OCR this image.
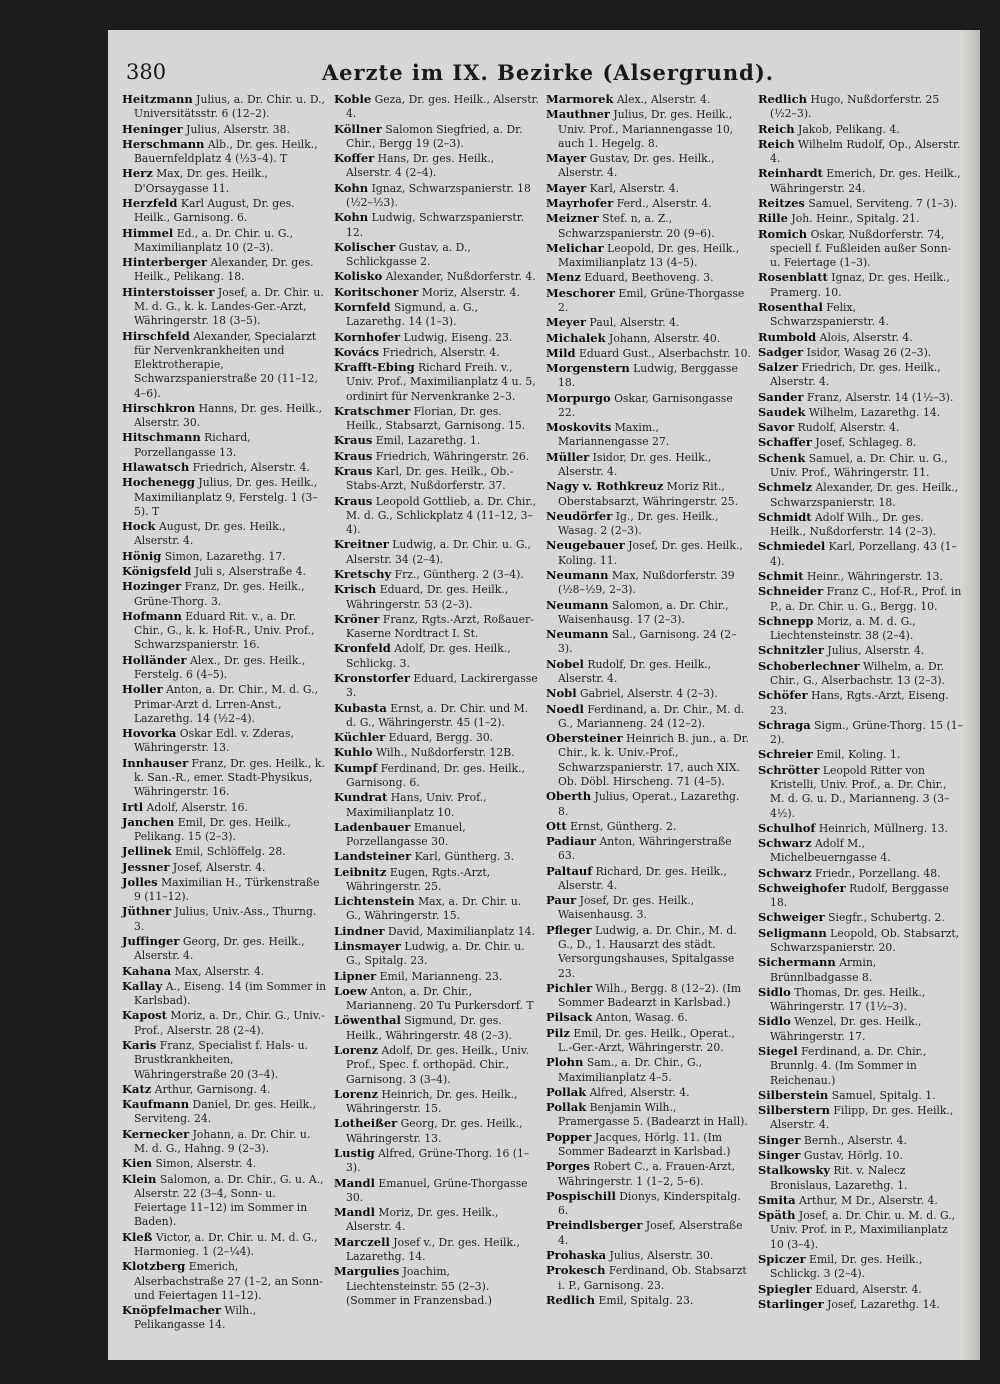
380	Aerzte im IX. Bezirke (Alsergrund).
Heitzmann Julius, a. Dr. Chir. u. D., Universitätsstr. 6 (12–2).
Heninger Julius, Alserstr. 38.
Herschmann Alb., Dr. ges. Heilk., Bauernfeldplatz 4 (½3–4). T
Herz Max, Dr. ges. Heilk., D'Orsaygasse 11.
Herzfeld Karl August, Dr. ges. Heilk., Garnisong. 6.
Himmel Ed., a. Dr. Chir. u. G., Maximilianplatz 10 (2–3).
Hinterberger Alexander, Dr. ges. Heilk., Pelikang. 18.
Hinterstoisser Josef, a. Dr. Chir. u. M. d. G., k. k. Landes-Ger.-Arzt, Währingerstr. 18 (3–5).
Hirschfeld Alexander, Specialarzt für Nervenkrankheiten und Elektrotherapie, Schwarzspanierstraße 20 (11–12, 4–6).
Hirschkron Hanns, Dr. ges. Heilk., Alserstr. 30.
Hitschmann Richard, Porzellangasse 13.
Hlawatsch Friedrich, Alserstr. 4.
Hochenegg Julius, Dr. ges. Heilk., Maximilianplatz 9, Ferstelg. 1 (3–5). T
Hock August, Dr. ges. Heilk., Alserstr. 4.
Hönig Simon, Lazarethg. 17.
Königsfeld Juli s, Alserstraße 4.
Hozinger Franz, Dr. ges. Heilk., Grüne-Thorg. 3.
Hofmann Eduard Rit. v., a. Dr. Chir., G., k. k. Hof-R., Univ. Prof., Schwarzspanierstr. 16.
Holländer Alex., Dr. ges. Heilk., Ferstelg. 6 (4–5).
Holler Anton, a. Dr. Chir., M. d. G., Primar-Arzt d. Lrren-Anst., Lazarethg. 14 (½2–4).
Hovorka Oskar Edl. v. Zderas, Währingerstr. 13.
Innhauser Franz, Dr. ges. Heilk., k. k. San.-R., emer. Stadt-Physikus, Währingerstr. 16.
Irtl Adolf, Alserstr. 16.
Janchen Emil, Dr. ges. Heilk., Pelikang. 15 (2–3).
Jellinek Emil, Schlöffelg. 28.
Jessner Josef, Alserstr. 4.
Jolles Maximilian H., Türkenstraße 9 (11–12).
Jüthner Julius, Univ.-Ass., Thurng. 3.
Juffinger Georg, Dr. ges. Heilk., Alserstr. 4.
Kahana Max, Alserstr. 4.
Kallay A., Eiseng. 14 (im Sommer in Karlsbad).
Kapost Moriz, a. Dr., Chir. G., Univ.-Prof., Alserstr. 28 (2–4).
Karis Franz, Specialist f. Hals- u. Brustkrankheiten, Währingerstraße 20 (3–4).
Katz Arthur, Garnisong. 4.
Kaufmann Daniel, Dr. ges. Heilk., Serviteng. 24.
Kernecker Johann, a. Dr. Chir. u. M. d. G., Hahng. 9 (2–3).
Kien Simon, Alserstr. 4.
Klein Salomon, a. Dr. Chir., G. u. A., Alserstr. 22 (3–4, Sonn- u. Feiertage 11–12) im Sommer in Baden).
Kleß Victor, a. Dr. Chir. u. M. d. G., Harmonieg. 1 (2–¼4).
Klotzberg Emerich, Alserbachstraße 27 (1–2, an Sonn- und Feiertagen 11–12).
Knöpfelmacher Wilh., Pelikangasse 14.
Koble Geza, Dr. ges. Heilk., Alserstr. 4.
Köllner Salomon Siegfried, a. Dr. Chir., Bergg 19 (2–3).
Koffer Hans, Dr. ges. Heilk., Alserstr. 4 (2–4).
Kohn Ignaz, Schwarzspanierstr. 18 (½2–½3).
Kohn Ludwig, Schwarzspanierstr. 12.
Kolischer Gustav, a. D., Schlickgasse 2.
Kolisko Alexander, Nußdorferstr. 4.
Koritschoner Moriz, Alserstr. 4.
Kornfeld Sigmund, a. G., Lazarethg. 14 (1–3).
Kornhofer Ludwig, Eiseng. 23.
Kovács Friedrich, Alserstr. 4.
Krafft-Ebing Richard Freih. v., Univ. Prof., Maximilianplatz 4 u. 5, ordinirt für Nervenkranke 2–3.
Kratschmer Florian, Dr. ges. Heilk., Stabsarzt, Garnisong. 15.
Kraus Emil, Lazarethg. 1.
Kraus Friedrich, Währingerstr. 26.
Kraus Karl, Dr. ges. Heilk., Ob.-Stabs-Arzt, Nußdorferstr. 37.
Kraus Leopold Gottlieb, a. Dr. Chir., M. d. G., Schlickplatz 4 (11–12, 3–4).
Kreitner Ludwig, a. Dr. Chir. u. G., Alserstr. 34 (2–4).
Kretschy Frz., Güntherg. 2 (3–4).
Krisch Eduard, Dr. ges. Heilk., Währingerstr. 53 (2–3).
Kröner Franz, Rgts.-Arzt, Roßauer-Kaserne Nordtract I. St.
Kronfeld Adolf, Dr. ges. Heilk., Schlickg. 3.
Kronstorfer Eduard, Lackirergasse 3.
Kubasta Ernst, a. Dr. Chir. und M. d. G., Währingerstr. 45 (1–2).
Küchler Eduard, Bergg. 30.
Kuhlo Wilh., Nußdorferstr. 12B.
Kumpf Ferdinand, Dr. ges. Heilk., Garnisong. 6.
Kundrat Hans, Univ. Prof., Maximilianplatz 10.
Ladenbauer Emanuel, Porzellangasse 30.
Landsteiner Karl, Güntherg. 3.
Leibnitz Eugen, Rgts.-Arzt, Währingerstr. 25.
Lichtenstein Max, a. Dr. Chir. u. G., Währingerstr. 15.
Lindner David, Maximilianplatz 14.
Linsmayer Ludwig, a. Dr. Chir. u. G., Spitalg. 23.
Lipner Emil, Marianneng. 23.
Loew Anton, a. Dr. Chir., Marianneng. 20 Tu Purkersdorf. T
Löwenthal Sigmund, Dr. ges. Heilk., Währingerstr. 48 (2–3).
Lorenz Adolf, Dr. ges. Heilk., Univ. Prof., Spec. f. orthopäd. Chir., Garnisong. 3 (3–4).
Lorenz Heinrich, Dr. ges. Heilk., Währingerstr. 15.
Lotheißer Georg, Dr. ges. Heilk., Währingerstr. 13.
Lustig Alfred, Grüne-Thorg. 16 (1–3).
Mandl Emanuel, Grüne-Thorgasse 30.
Mandl Moriz, Dr. ges. Heilk., Alserstr. 4.
Marczell Josef v., Dr. ges. Heilk., Lazarethg. 14.
Margulies Joachim, Liechtensteinstr. 55 (2–3). (Sommer in Franzensbad.)
Marmorek Alex., Alserstr. 4.
Mauthner Julius, Dr. ges. Heilk., Univ. Prof., Mariannengasse 10, auch 1. Hegelg. 8.
Mayer Gustav, Dr. ges. Heilk., Alserstr. 4.
Mayer Karl, Alserstr. 4.
Mayrhofer Ferd., Alserstr. 4.
Meizner Stef. n, a. Z., Schwarzspanierstr. 20 (9–6).
Melichar Leopold, Dr. ges. Heilk., Maximilianplatz 13 (4–5).
Menz Eduard, Beethoveng. 3.
Meschorer Emil, Grüne-Thorgasse 2.
Meyer Paul, Alserstr. 4.
Michalek Johann, Alserstr. 40.
Mild Eduard Gust., Alserbachstr. 10.
Morgenstern Ludwig, Berggasse 18.
Morpurgo Oskar, Garnisongasse 22.
Moskovits Maxim., Mariannengasse 27.
Müller Isidor, Dr. ges. Heilk., Alserstr. 4.
Nagy v. Rothkreuz Moriz Rit., Oberstabsarzt, Währingerstr. 25.
Neudörfer Ig., Dr. ges. Heilk., Wasag. 2 (2–3).
Neugebauer Josef, Dr. ges. Heilk., Koling. 11.
Neumann Max, Nußdorferstr. 39 (½8–½9, 2–3).
Neumann Salomon, a. Dr. Chir., Waisenhausg. 17 (2–3).
Neumann Sal., Garnisong. 24 (2–3).
Nobel Rudolf, Dr. ges. Heilk., Alserstr. 4.
Nobl Gabriel, Alserstr. 4 (2–3).
Noedl Ferdinand, a. Dr. Chir., M. d. G., Marianneng. 24 (12–2).
Obersteiner Heinrich B. jun., a. Dr. Chir., k. k. Univ.-Prof., Schwarzspanierstr. 17, auch XIX. Ob. Döbl. Hirscheng. 71 (4–5).
Oberth Julius, Operat., Lazarethg. 8.
Ott Ernst, Güntherg. 2.
Padiaur Anton, Währingerstraße 63.
Paltauf Richard, Dr. ges. Heilk., Alserstr. 4.
Paur Josef, Dr. ges. Heilk., Waisenhausg. 3.
Pfleger Ludwig, a. Dr. Chir., M. d. G., D., 1. Hausarzt des städt. Versorgungshauses, Spitalgasse 23.
Pichler Wilh., Bergg. 8 (12–2). (Im Sommer Badearzt in Karlsbad.)
Pilsack Anton, Wasag. 6.
Pilz Emil, Dr. ges. Heilk., Operat., L.-Ger.-Arzt, Währingerstr. 20.
Plohn Sam., a. Dr. Chir., G., Maximilianplatz 4–5.
Pollak Alfred, Alserstr. 4.
Pollak Benjamin Wilh., Pramergasse 5. (Badearzt in Hall).
Popper Jacques, Hörlg. 11. (Im Sommer Badearzt in Karlsbad.)
Porges Robert C., a. Frauen-Arzt, Währingerstr. 1 (1–2, 5–6).
Pospischill Dionys, Kinderspitalg. 6.
Preindlsberger Josef, Alserstraße 4.
Prohaska Julius, Alserstr. 30.
Prokesch Ferdinand, Ob. Stabsarzt i. P., Garnisong. 23.
Redlich Emil, Spitalg. 23.
Redlich Hugo, Nußdorferstr. 25 (½2–3).
Reich Jakob, Pelikang. 4.
Reich Wilhelm Rudolf, Op., Alserstr. 4.
Reinhardt Emerich, Dr. ges. Heilk., Währingerstr. 24.
Reitzes Samuel, Serviteng. 7 (1–3).
Rille Joh. Heinr., Spitalg. 21.
Romich Oskar, Nußdorferstr. 74, speciell f. Fußleiden außer Sonn- u. Feiertage (1–3).
Rosenblatt Ignaz, Dr. ges. Heilk., Pramerg. 10.
Rosenthal Felix, Schwarzspanierstr. 4.
Rumbold Alois, Alserstr. 4.
Sadger Isidor, Wasag 26 (2–3).
Salzer Friedrich, Dr. ges. Heilk., Alserstr. 4.
Sander Franz, Alserstr. 14 (1½–3).
Saudek Wilhelm, Lazarethg. 14.
Savor Rudolf, Alserstr. 4.
Schaffer Josef, Schlageg. 8.
Schenk Samuel, a. Dr. Chir. u. G., Univ. Prof., Währingerstr. 11.
Schmelz Alexander, Dr. ges. Heilk., Schwarzspanierstr. 18.
Schmidt Adolf Wilh., Dr. ges. Heilk., Nußdorferstr. 14 (2–3).
Schmiedel Karl, Porzellang. 43 (1–4).
Schmit Heinr., Währingerstr. 13.
Schneider Franz C., Hof-R., Prof. in P., a. Dr. Chir. u. G., Bergg. 10.
Schnepp Moriz, a. M. d. G., Liechtensteinstr. 38 (2–4).
Schnitzler Julius, Alserstr. 4.
Schoberlechner Wilhelm, a. Dr. Chir., G., Alserbachstr. 13 (2–3).
Schöfer Hans, Rgts.-Arzt, Eiseng. 23.
Schraga Sigm., Grüne-Thorg. 15 (1–2).
Schreier Emil, Koling. 1.
Schrötter Leopold Ritter von Kristelli, Univ. Prof., a. Dr. Chir., M. d. G. u. D., Marianneng. 3 (3–4½).
Schulhof Heinrich, Müllnerg. 13.
Schwarz Adolf M., Michelbeuerngasse 4.
Schwarz Friedr., Porzellang. 48.
Schweighofer Rudolf, Berggasse 18.
Schweiger Siegfr., Schubertg. 2.
Seligmann Leopold, Ob. Stabsarzt, Schwarzspanierstr. 20.
Sichermann Armin, Brünnlbadgasse 8.
Sidlo Thomas, Dr. ges. Heilk., Währingerstr. 17 (1½–3).
Sidlo Wenzel, Dr. ges. Heilk., Währingerstr. 17.
Siegel Ferdinand, a. Dr. Chir., Brunnlg. 4. (Im Sommer in Reichenau.)
Silberstein Samuel, Spitalg. 1.
Silberstern Filipp, Dr. ges. Heilk., Alserstr. 4.
Singer Bernh., Alserstr. 4.
Singer Gustav, Hörlg. 10.
Stalkowsky Rit. v. Nalecz Bronislaus, Lazarethg. 1.
Smita Arthur, M Dr., Alserstr. 4.
Späth Josef, a. Dr. Chir. u. M. d. G., Univ. Prof. in P., Maximilianplatz 10 (3–4).
Spiczer Emil, Dr. ges. Heilk., Schlickg. 3 (2–4).
Spiegler Eduard, Alserstr. 4.
Starlinger Josef, Lazarethg. 14.
